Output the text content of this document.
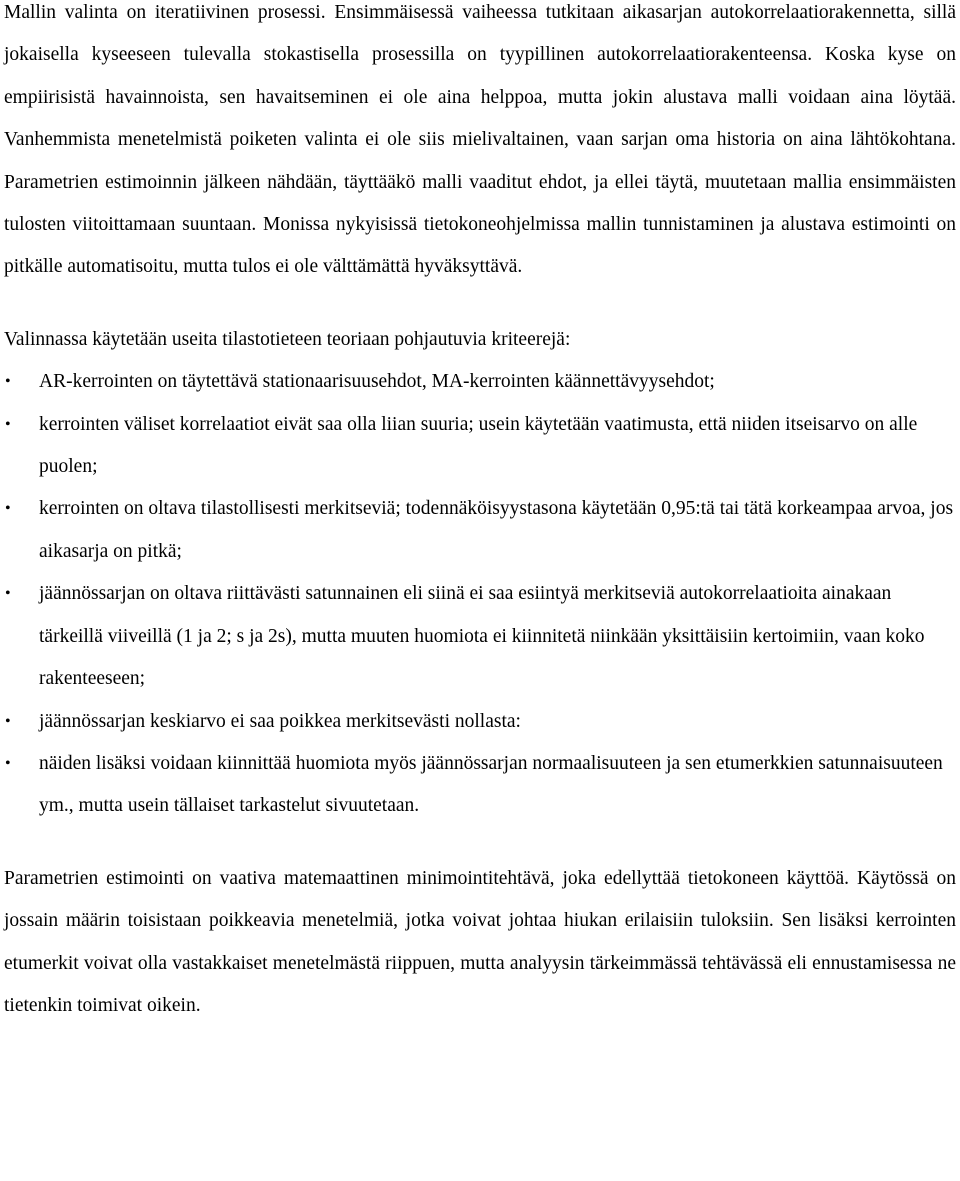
Mallin valinta on iteratiivinen prosessi. Ensimmäisessä vaiheessa tutkitaan aikasarjan autokorrelaatiorakennetta, sillä jokaisella kyseeseen tulevalla stokastisella prosessilla on tyypillinen autokorrelaatiorakenteensa. Koska kyse on empiirisistä havainnoista, sen havaitseminen ei ole aina helppoa, mutta jokin alustava malli voidaan aina löytää. Vanhemmista menetelmistä poiketen valinta ei ole siis mielivaltainen, vaan sarjan oma historia on aina lähtökohtana. Parametrien estimoinnin jälkeen nähdään, täyttääkö malli vaaditut ehdot, ja ellei täytä, muutetaan mallia ensimmäisten tulosten viitoittamaan suuntaan. Monissa nykyisissä tietokoneohjelmissa mallin tunnistaminen ja alustava estimointi on pitkälle automatisoitu, mutta tulos ei ole välttämättä hyväksyttävä.

Valinnassa käytetään useita tilastotieteen teoriaan pohjautuvia kriteerejä:

• AR-kerrointen on täytettävä stationaarisuusehdot, MA-kerrointen käännettävyysehdot;
• kerrointen väliset korrelaatiot eivät saa olla liian suuria; usein käytetään vaatimusta, että niiden itseisarvo on alle puolen;
• kerrointen on oltava tilastollisesti merkitseviä; todennäköisyystasona käytetään 0,95:tä tai tätä korkeampaa arvoa, jos aikasarja on pitkä;
• jäännössarjan on oltava riittävästi satunnainen eli siinä ei saa esiintyä merkitseviä autokorrelaatioita ainakaan tärkeillä viiveillä (1 ja 2; s ja 2s), mutta muuten huomiota ei kiinnitetä niinkään yksittäisiin kertoimiin, vaan koko rakenteeseen;
• jäännössarjan keskiarvo ei saa poikkea merkitsevästi nollasta:
• näiden lisäksi voidaan kiinnittää huomiota myös jäännössarjan normaalisuuteen ja sen etumerkkien satunnaisuuteen ym., mutta usein tällaiset tarkastelut sivuutetaan.

Parametrien estimointi on vaativa matemaattinen minimointitehtävä, joka edellyttää tietokoneen käyttöä. Käytössä on jossain määrin toisistaan poikkeavia menetelmiä, jotka voivat johtaa hiukan erilaisiin tuloksiin. Sen lisäksi kerrointen etumerkit voivat olla vastakkaiset menetelmästä riippuen, mutta analyysin tärkeimmässä tehtävässä eli ennustamisessa ne tietenkin toimivat oikein.
